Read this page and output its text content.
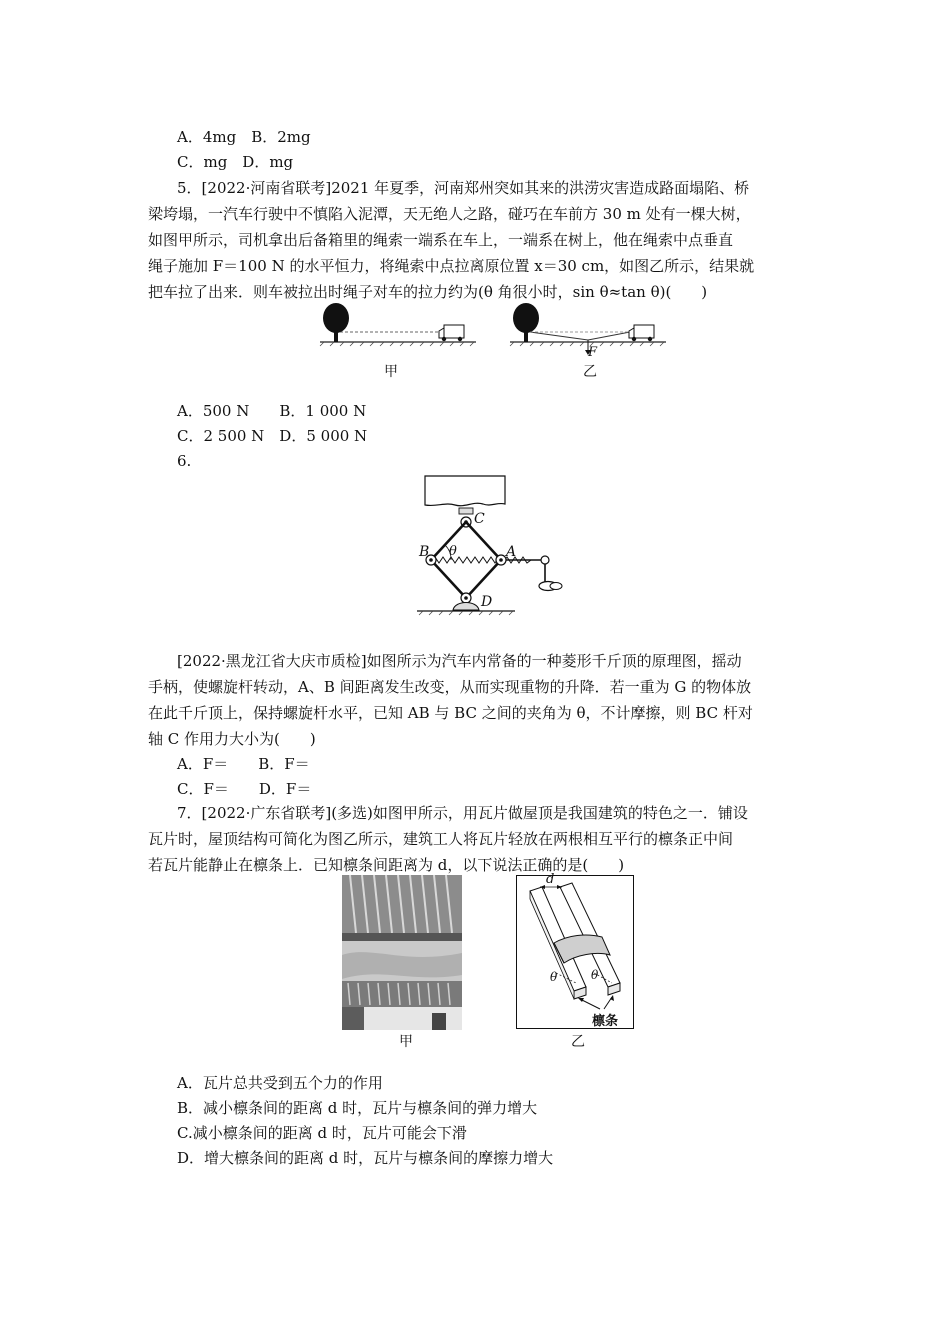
A．4mg　B．2mg
C．mg　D．mg
5．[2022·河南省联考]2021 年夏季，河南郑州突如其来的洪涝灾害造成路面塌陷、桥
梁垮塌，一汽车行驶中不慎陷入泥潭，天无绝人之路，碰巧在车前方 30 m 处有一棵大树，
如图甲所示，司机拿出后备箱里的绳索一端系在车上，一端系在树上，他在绳索中点垂直
绳子施加 F＝100 N 的水平恒力，将绳索中点拉离原位置 x＝30 cm，如图乙所示，结果就
把车拉了出来．则车被拉出时绳子对车的拉力约为(θ 角很小时，sin θ≈tan θ)(　　)
甲
F
乙
A．500 N　　B．1 000 N
C．2 500 N　D．5 000 N
6.
C
B θ	A
D
[2022·黑龙江省大庆市质检]如图所示为汽车内常备的一种菱形千斤顶的原理图，摇动
手柄，使螺旋杆转动，A、B 间距离发生改变，从而实现重物的升降．若一重为 G 的物体放
在此千斤顶上，保持螺旋杆水平，已知 AB 与 BC 之间的夹角为 θ，不计摩擦，则 BC 杆对
轴 C 作用力大小为(　　)
A．F＝　　B．F＝
C．F＝　　D．F＝
7．[2022·广东省联考](多选)如图甲所示，用瓦片做屋顶是我国建筑的特色之一．铺设
瓦片时，屋顶结构可简化为图乙所示，建筑工人将瓦片轻放在两根相互平行的檩条正中间
若瓦片能静止在檩条上．已知檩条间距离为 d，以下说法正确的是(　　)
甲
d
θ	θ
檩条
乙
A．瓦片总共受到五个力的作用
B．减小檩条间的距离 d 时，瓦片与檩条间的弹力增大
C.减小檩条间的距离 d 时，瓦片可能会下滑
D．增大檩条间的距离 d 时，瓦片与檩条间的摩擦力增大
